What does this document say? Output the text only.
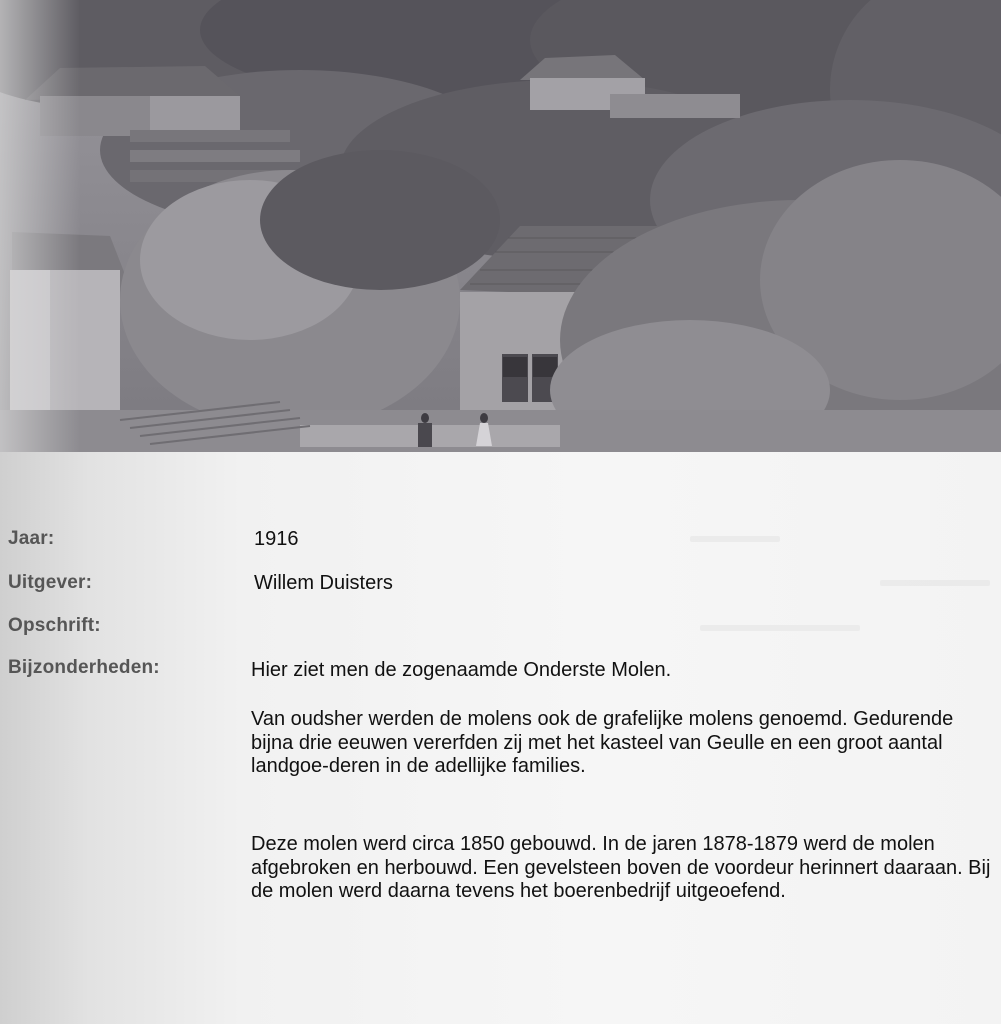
Jaar:
Uitgever:
Opschrift:
Bijzonderheden:
1916
Willem Duisters
Hier ziet men de zogenaamde Onderste Molen.
Van oudsher werden de molens ook de grafelijke molens genoemd. Gedurende bijna drie eeuwen vererfden zij met het kasteel van Geulle en een groot aantal landgoe-deren in de adellijke families.
Deze molen werd circa 1850 gebouwd. In de jaren 1878-1879 werd de molen afgebroken en herbouwd. Een gevelsteen boven de voordeur herinnert daaraan. Bij de molen werd daarna tevens het boerenbedrijf uitgeoefend.
